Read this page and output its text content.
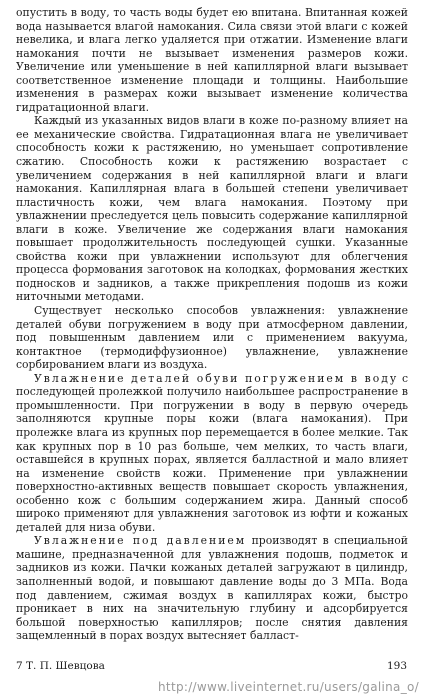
опустить в воду, то часть воды будет ею впитана. Впитанная кожей вода называется влагой намокания. Сила связи этой влаги с кожей невелика, и влага легко удаляется при отжатии. Изменение влаги намокания почти не вызывает изменения размеров кожи. Увеличение или уменьшение в ней капиллярной влаги вызывает соответственное изменение площади и толщины. Наибольшие изменения в размерах кожи вызывает изменение количества гидратационной влаги.

Каждый из указанных видов влаги в коже по-разному влияет на ее механические свойства. Гидратационная влага не увеличивает способность кожи к растяжению, но уменьшает сопротивление сжатию. Способность кожи к растяжению возрастает с увеличением содержания в ней капиллярной влаги и влаги намокания. Капиллярная влага в большей степени увеличивает пластичность кожи, чем влага намокания. Поэтому при увлажнении преследуется цель повысить содержание капиллярной влаги в коже. Увеличение же содержания влаги намокания повышает продолжительность последующей сушки. Указанные свойства кожи при увлажнении используют для облегчения процесса формования заготовок на колодках, формования жестких подносков и задников, а также прикрепления подошв из кожи ниточными методами.

Существует несколько способов увлажнения: увлажнение деталей обуви погружением в воду при атмосферном давлении, под повышенным давлением или с применением вакуума, контактное (термодиффузионное) увлажнение, увлажнение сорбированием влаги из воздуха.

Увлажнение деталей обуви погружением в воду с последующей пролежкой получило наибольшее распространение в промышленности. При погружении в воду в первую очередь заполняются крупные поры кожи (влага намокания). При пролежке влага из крупных пор перемещается в более мелкие. Так как крупных пор в 10 раз больше, чем мелких, то часть влаги, оставшейся в крупных порах, является балластной и мало влияет на изменение свойств кожи. Применение при увлажнении поверхностно-активных веществ повышает скорость увлажнения, особенно кож с большим содержанием жира. Данный способ широко применяют для увлажнения заготовок из юфти и кожаных деталей для низа обуви.

Увлажнение под давлением производят в специальной машине, предназначенной для увлажнения подошв, подметок и задников из кожи. Пачки кожаных деталей загружают в цилиндр, заполненный водой, и повышают давление воды до 3 МПа. Вода под давлением, сжимая воздух в капиллярах кожи, быстро проникает в них на значительную глубину и адсорбируется большой поверхностью капилляров; после снятия давления защемленный в порах воздух вытесняет балласт-

7 Т. П. Шевцова	193
http://www.liveinternet.ru/users/galina_o/
